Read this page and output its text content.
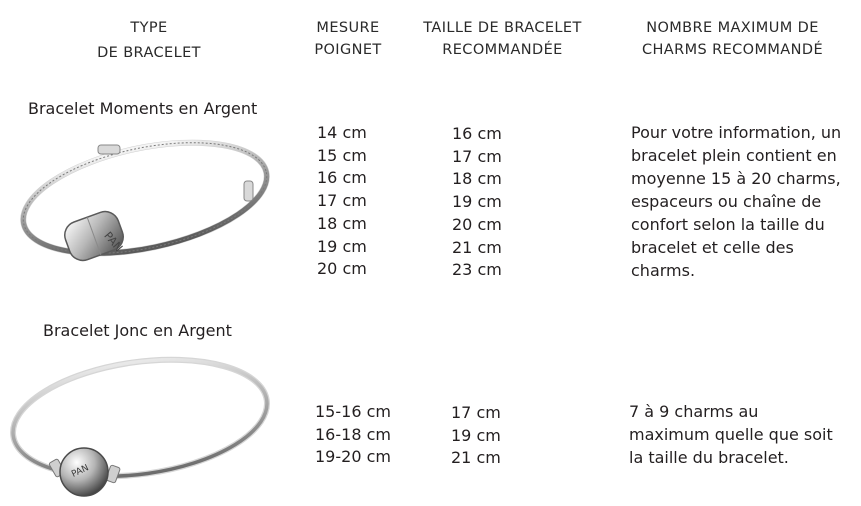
TYPE
DE BRACELET
MESURE
POIGNET
TAILLE DE BRACELET
RECOMMANDÉE
NOMBRE MAXIMUM DE
CHARMS RECOMMANDÉ
Bracelet Moments en Argent
PAN
14 cm
15 cm
16 cm
17 cm
18 cm
19 cm
20 cm
16 cm
17 cm
18 cm
19 cm
20 cm
21 cm
23 cm
Pour votre information, un
bracelet plein contient en
moyenne 15 à 20 charms,
espaceurs ou chaîne de
confort selon la taille du
bracelet et celle des
charms.
Bracelet Jonc en Argent
PAN
15-16 cm
16-18 cm
19-20 cm
17 cm
19 cm
21 cm
7 à 9 charms au
maximum quelle que soit
la taille du bracelet.
